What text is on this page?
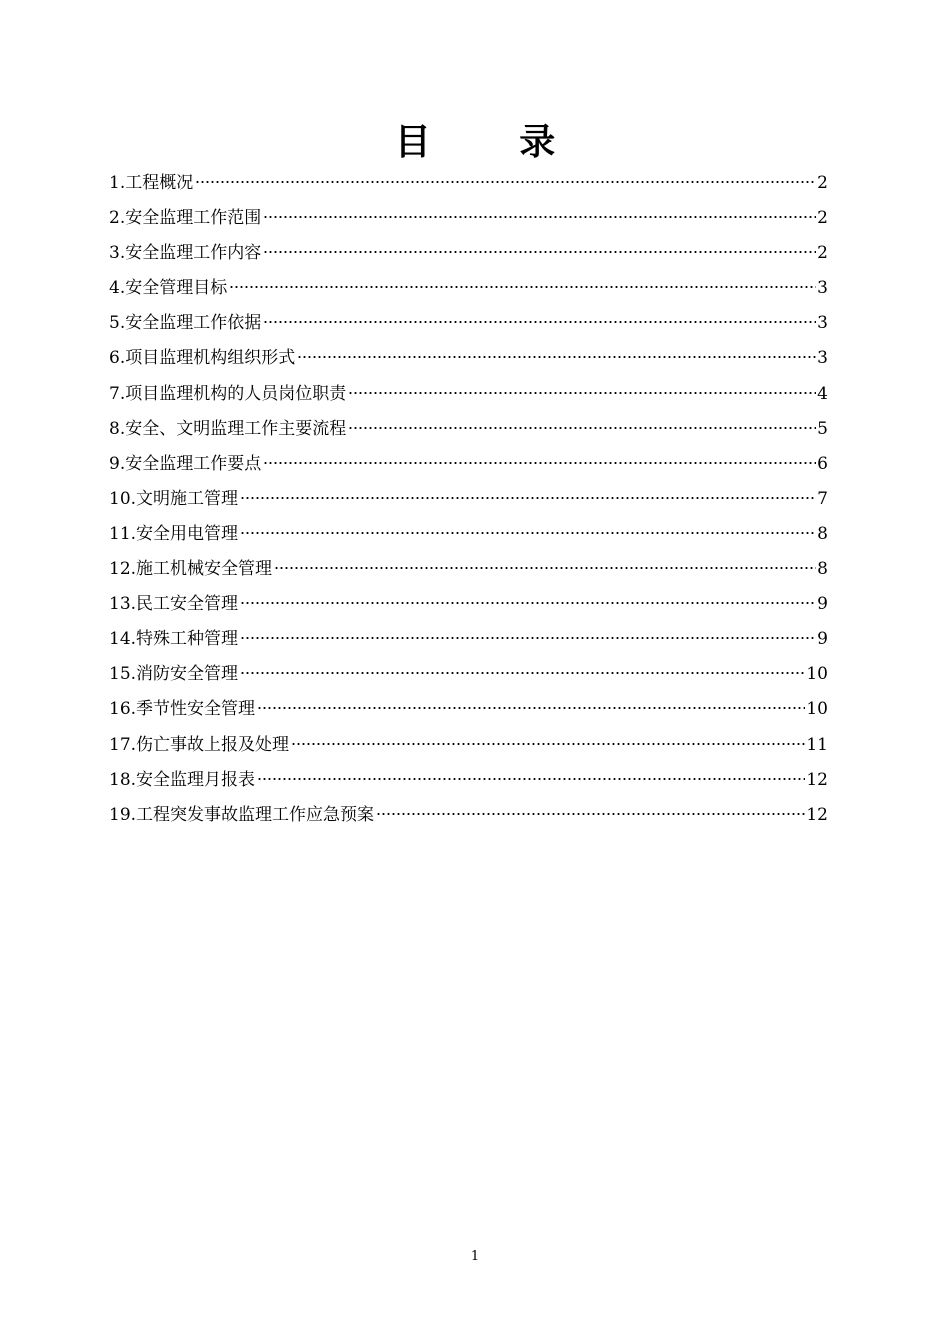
目 录
1.工程概况	2
2.安全监理工作范围	2
3.安全监理工作内容	2
4.安全管理目标	3
5.安全监理工作依据	3
6.项目监理机构组织形式	3
7.项目监理机构的人员岗位职责	4
8.安全、文明监理工作主要流程	5
9.安全监理工作要点	6
10.文明施工管理	7
11.安全用电管理	8
12.施工机械安全管理	8
13.民工安全管理	9
14.特殊工种管理	9
15.消防安全管理	10
16.季节性安全管理	10
17.伤亡事故上报及处理	11
18.安全监理月报表	12
19.工程突发事故监理工作应急预案	12
1
